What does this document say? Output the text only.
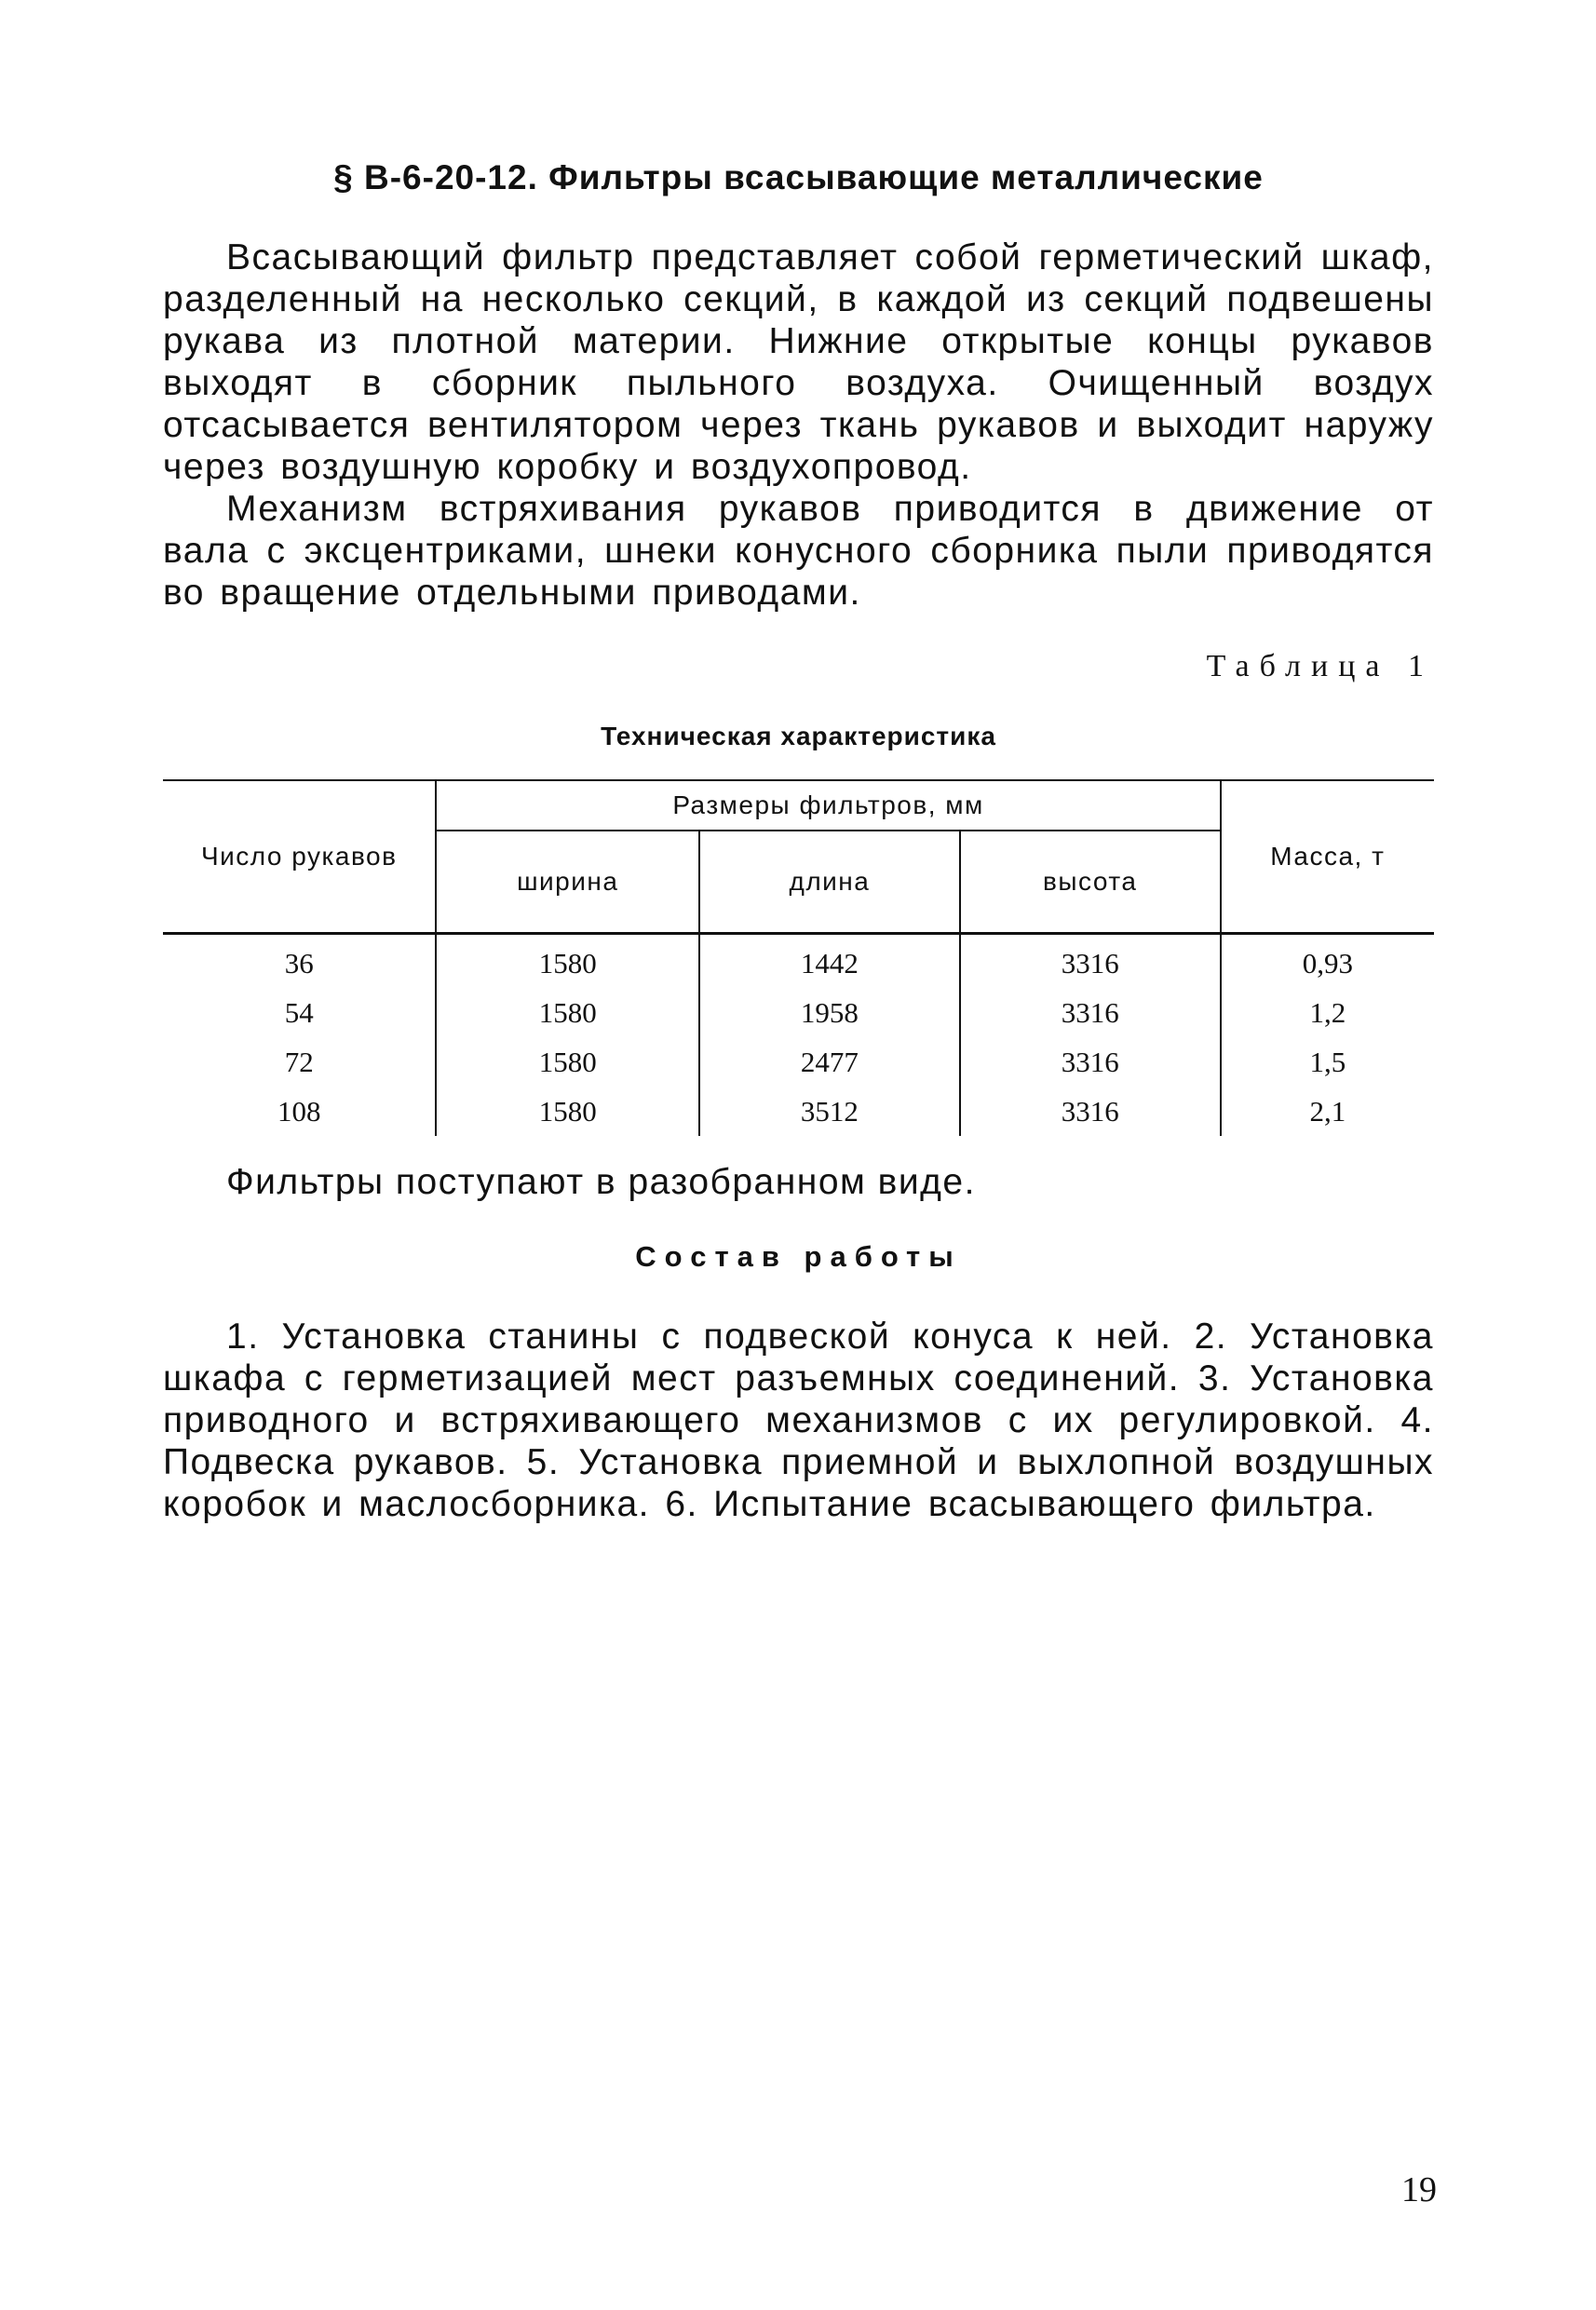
§ В-6-20-12. Фильтры всасывающие металлические

Всасывающий фильтр представляет собой герметический шкаф, разделенный на несколько секций, в каждой из секций подвешены рукава из плотной материи. Нижние открытые концы рукавов выходят в сборник пыльного воздуха. Очищенный воздух отсасывается вентилятором через ткань рукавов и выходит наружу через воздушную коробку и воздухопровод.

Механизм встряхивания рукавов приводится в движение от вала с эксцентриками, шнеки конусного сборника пыли приводятся во вращение отдельными приводами.

Таблица 1
Техническая характеристика
Число рукавов	Размеры фильтров, мм			Масса, т
	ширина	длина	высота	
36	1580	1442	3316	0,93
54	1580	1958	3316	1,2
72	1580	2477	3316	1,5
108	1580	3512	3316	2,1

Фильтры поступают в разобранном виде.

Состав работы

1. Установка станины с подвеской конуса к ней. 2. Установка шкафа с герметизацией мест разъемных соединений. 3. Установка приводного и встряхивающего механизмов с их регулировкой. 4. Подвеска рукавов. 5. Установка приемной и выхлопной воздушных коробок и маслосборника. 6. Испытание всасывающего фильтра.

19
